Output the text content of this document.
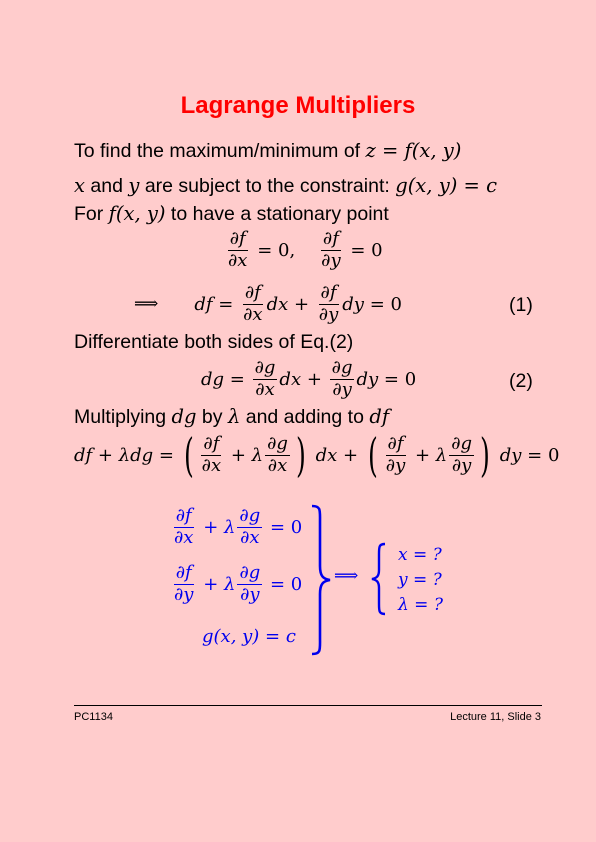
Lagrange Multipliers
To find the maximum/minimum of z = f(x, y)
x and y are subject to the constraint: g(x, y) = c
For f(x, y) to have a stationary point
$\frac{\partial f}{\partial x} = 0$, $\frac{\partial f}{\partial y} = 0$
⟹ df = $\frac{\partial f}{\partial x}$ dx + $\frac{\partial f}{\partial y}$ dy = 0	(1)
Differentiate both sides of Eq.(2)
dg = $\frac{\partial g}{\partial x}$ dx + $\frac{\partial g}{\partial y}$ dy = 0	(2)
Multiplying dg by λ and adding to df
df + λdg = ( $\frac{\partial f}{\partial x} + \lambda \frac{\partial g}{\partial x}$ ) dx + ( $\frac{\partial f}{\partial y} + \lambda \frac{\partial g}{\partial y}$ ) dy = 0
$\frac{\partial f}{\partial x} + \lambda \frac{\partial g}{\partial x} = 0$
$\frac{\partial f}{\partial y} + \lambda \frac{\partial g}{\partial y} = 0$
g(x, y) = c
⟹
x = ?
y = ?
λ = ?
PC1134	Lecture 11, Slide 3
